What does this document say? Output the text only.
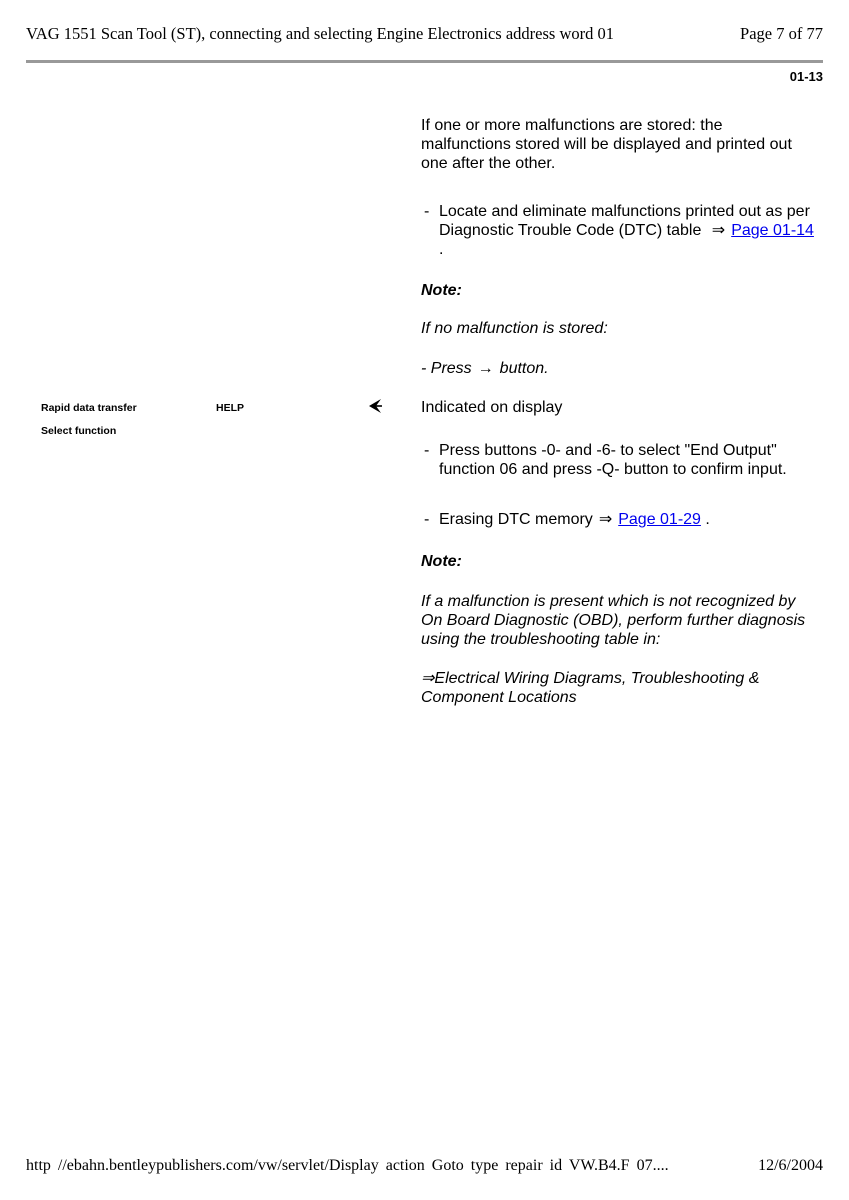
VAG 1551 Scan Tool (ST), connecting and selecting Engine Electronics address word 01	Page 7 of 77
01-13
Rapid data transfer	HELP
Select function
If one or more malfunctions are stored: the malfunctions stored will be displayed and printed out one after the other.
- Locate and eliminate malfunctions printed out as per Diagnostic Trouble Code (DTC) table ⇒ Page 01-14 .
Note:
If no malfunction is stored:
- Press → button.
Indicated on display
- Press buttons -0- and -6- to select "End Output" function 06 and press -Q- button to confirm input.
- Erasing DTC memory ⇒ Page 01-29 .
Note:
If a malfunction is present which is not recognized by On Board Diagnostic (OBD), perform further diagnosis using the troubleshooting table in:
⇒Electrical Wiring Diagrams, Troubleshooting & Component Locations
http //ebahn.bentleypublishers.com/vw/servlet/Display action Goto type repair id VW.B4.F 07....	12/6/2004
